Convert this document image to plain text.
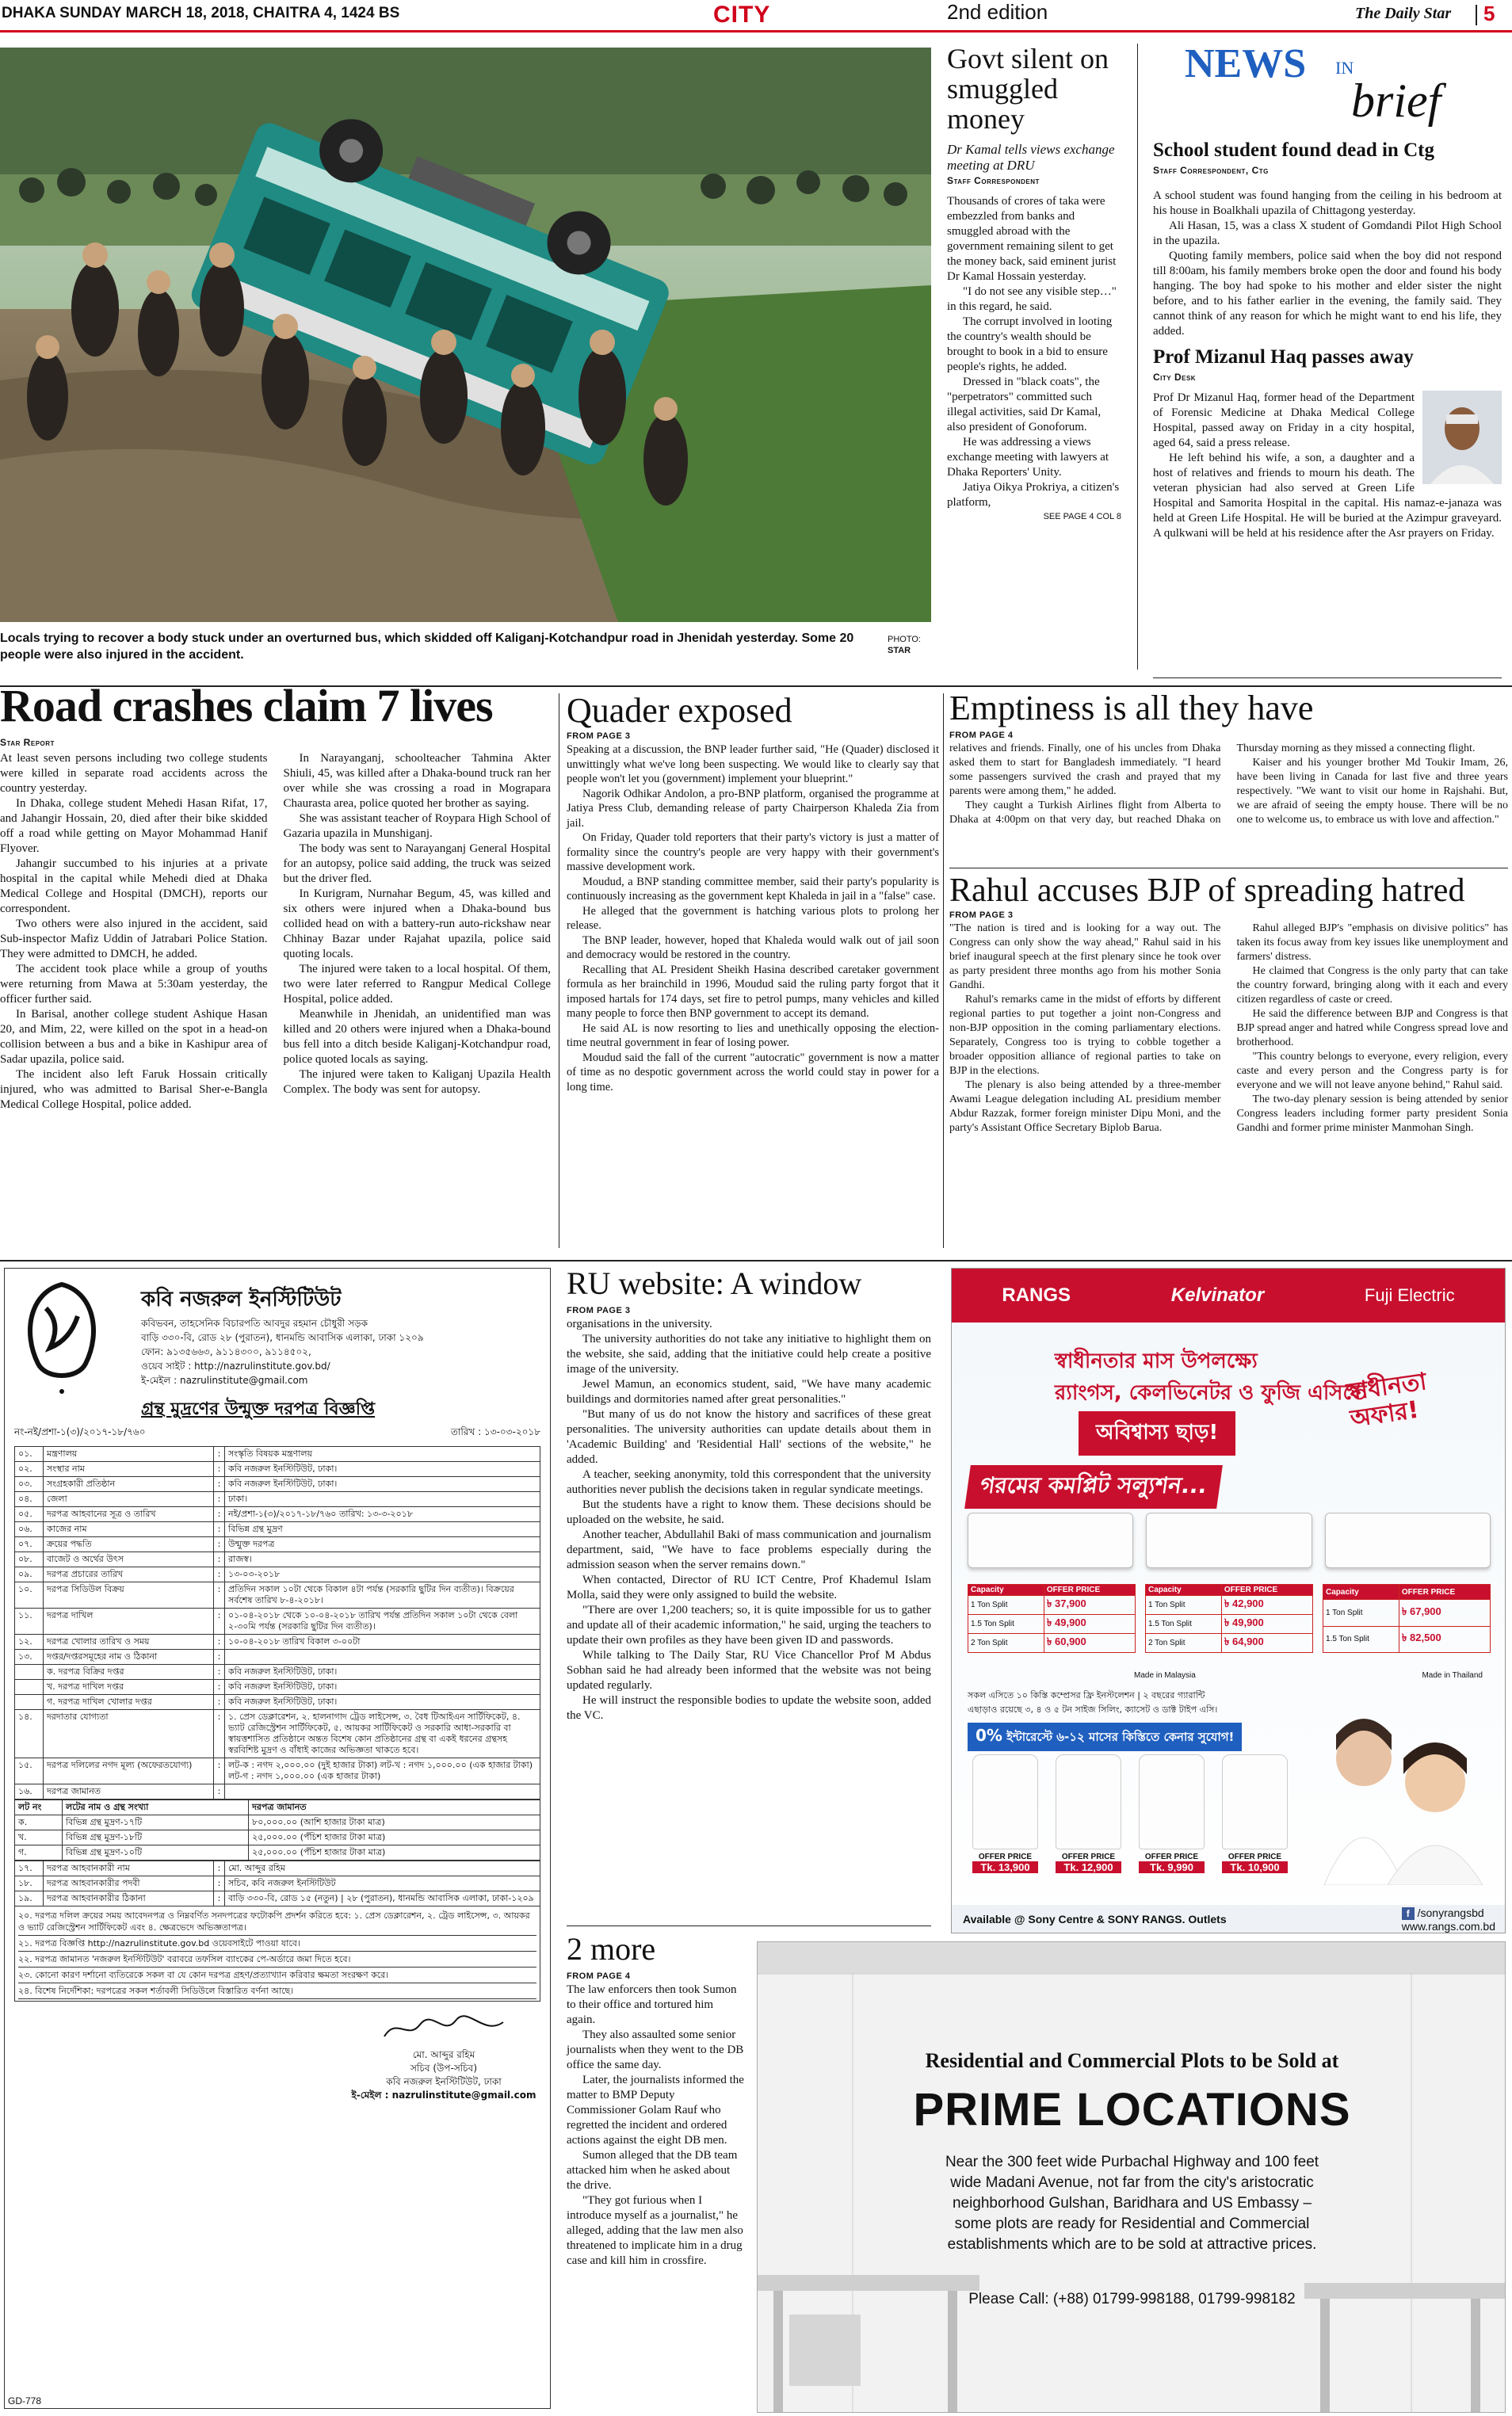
DHAKA SUNDAY MARCH 18, 2018, CHAITRA 4, 1424 BS	CITY	2nd edition	The Daily Star 5
Locals trying to recover a body stuck under an overturned bus, which skidded off Kaliganj-Kotchandpur road in Jhenidah yesterday. Some 20 people were also injured in the accident.
PHOTO:
STAR
Govt silent on smuggled money
Dr Kamal tells views exchange meeting at DRU
Staff Correspondent

Thousands of crores of taka were embezzled from banks and smuggled abroad with the government remaining silent to get the money back, said eminent jurist Dr Kamal Hossain yesterday.

"I do not see any visible step…" in this regard, he said.

The corrupt involved in looting the country's wealth should be brought to book in a bid to ensure people's rights, he added.

Dressed in "black coats", the "perpetrators" committed such illegal activities, said Dr Kamal, also president of Gonoforum.

He was addressing a views exchange meeting with lawyers at Dhaka Reporters' Unity.

Jatiya Oikya Prokriya, a citizen's platform,

SEE PAGE 4 COL 8
NEWS IN
brief
School student found dead in Ctg
Staff Correspondent, Ctg

A school student was found hanging from the ceiling in his bedroom at his house in Boalkhali upazila of Chittagong yesterday.

Ali Hasan, 15, was a class X student of Gomdandi Pilot High School in the upazila.

Quoting family members, police said when the boy did not respond till 8:00am, his family members broke open the door and found his body hanging. The boy had spoke to his mother and elder sister the night before, and to his father earlier in the evening, the family said. They cannot think of any reason for which he might want to end his life, they added.

Prof Mizanul Haq passes away
City Desk

Prof Dr Mizanul Haq, former head of the Department of Forensic Medicine at Dhaka Medical College Hospital, passed away on Friday in a city hospital, aged 64, said a press release.

He left behind his wife, a son, a daughter and a host of relatives and friends to mourn his death. The veteran physician had also served at Green Life Hospital and Samorita Hospital in the capital. His namaz-e-janaza was held at Green Life Hospital. He will be buried at the Azimpur graveyard. A qulkwani will be held at his residence after the Asr prayers on Friday.

Road crashes claim 7 lives
Star Report

At least seven persons including two college students were killed in separate road accidents across the country yesterday.

In Dhaka, college student Mehedi Hasan Rifat, 17, and Jahangir Hossain, 20, died after their bike skidded off a road while getting on Mayor Mohammad Hanif Flyover.

Jahangir succumbed to his injuries at a private hospital in the capital while Mehedi died at Dhaka Medical College and Hospital (DMCH), reports our correspondent.

Two others were also injured in the accident, said Sub-inspector Mafiz Uddin of Jatrabari Police Station. They were admitted to DMCH, he added.

The accident took place while a group of youths were returning from Mawa at 5:30am yesterday, the officer further said.

In Barisal, another college student Ashique Hasan 20, and Mim, 22, were killed on the spot in a head-on collision between a bus and a bike in Kashipur area of Sadar upazila, police said.

The incident also left Faruk Hossain critically injured, who was admitted to Barisal Sher-e-Bangla Medical College Hospital, police added.

In Narayanganj, schoolteacher Tahmina Akter Shiuli, 45, was killed after a Dhaka-bound truck ran her over while she was crossing a road in Mograpara Chaurasta area, police quoted her brother as saying.

She was assistant teacher of Roypara High School of Gazaria upazila in Munshiganj.

The body was sent to Narayanganj General Hospital for an autopsy, police said adding, the truck was seized but the driver fled.

In Kurigram, Nurnahar Begum, 45, was killed and six others were injured when a Dhaka-bound bus collided head on with a battery-run auto-rickshaw near Chhinay Bazar under Rajahat upazila, police said quoting locals.

The injured were taken to a local hospital. Of them, two were later referred to Rangpur Medical College Hospital, police added.

Meanwhile in Jhenidah, an unidentified man was killed and 20 others were injured when a Dhaka-bound bus fell into a ditch beside Kaliganj-Kotchandpur road, police quoted locals as saying.

The injured were taken to Kaliganj Upazila Health Complex. The body was sent for autopsy.

Quader exposed
FROM PAGE 3

Speaking at a discussion, the BNP leader further said, "He (Quader) disclosed it unwittingly what we've long been suspecting. We would like to clearly say that people won't let you (government) implement your blueprint."

Nagorik Odhikar Andolon, a pro-BNP platform, organised the programme at Jatiya Press Club, demanding release of party Chairperson Khaleda Zia from jail.

On Friday, Quader told reporters that their party's victory is just a matter of formality since the country's people are very happy with their government's massive development work.

Moudud, a BNP standing committee member, said their party's popularity is continuously increasing as the government kept Khaleda in jail in a "false" case.

He alleged that the government is hatching various plots to prolong her release.

The BNP leader, however, hoped that Khaleda would walk out of jail soon and democracy would be restored in the country.

Recalling that AL President Sheikh Hasina described caretaker government formula as her brainchild in 1996, Moudud said the ruling party forgot that it imposed hartals for 174 days, set fire to petrol pumps, many vehicles and killed many people to force then BNP government to accept its demand.

He said AL is now resorting to lies and unethically opposing the election-time neutral government in fear of losing power.

Moudud said the fall of the current "autocratic" government is now a matter of time as no despotic government across the world could stay in power for a long time.

Emptiness is all they have
FROM PAGE 4

relatives and friends. Finally, one of his uncles from Dhaka asked them to start for Bangladesh immediately. "I heard some passengers survived the crash and prayed that my parents were among them," he added.

They caught a Turkish Airlines flight from Alberta to Dhaka at 4:00pm on that very day, but reached Dhaka on Thursday morning as they missed a connecting flight.

Kaiser and his younger brother Md Toukir Imam, 26, have been living in Canada for last five and three years respectively. "We want to visit our home in Rajshahi. But, we are afraid of seeing the empty house. There will be no one to welcome us, to embrace us with love and affection."

Rahul accuses BJP of spreading hatred
FROM PAGE 3

"The nation is tired and is looking for a way out. The Congress can only show the way ahead," Rahul said in his brief inaugural speech at the first plenary since he took over as party president three months ago from his mother Sonia Gandhi.

Rahul's remarks came in the midst of efforts by different regional parties to put together a joint non-Congress and non-BJP opposition in the coming parliamentary elections. Separately, Congress too is trying to cobble together a broader opposition alliance of regional parties to take on BJP in the elections.

The plenary is also being attended by a three-member Awami League delegation including AL presidium member Abdur Razzak, former foreign minister Dipu Moni, and the party's Assistant Office Secretary Biplob Barua.

Rahul alleged BJP's "emphasis on divisive politics" has taken its focus away from key issues like unemployment and farmers' distress.

He claimed that Congress is the only party that can take the country forward, bringing along with it each and every citizen regardless of caste or creed.

He said the difference between BJP and Congress is that BJP spread anger and hatred while Congress spread love and brotherhood.

"This country belongs to everyone, every religion, every caste and every person and the Congress party is for everyone and we will not leave anyone behind," Rahul said.

The two-day plenary session is being attended by senior Congress leaders including former party president Sonia Gandhi and former prime minister Manmohan Singh.

কবি নজরুল ইনস্টিটিউট
কবিভবন, তাহসেনিক বিচারপতি আবদুর রহমান চৌধুরী সড়ক
বাড়ি ৩৩০-বি, রোড ২৮ (পুরাতন), ধানমন্ডি আবাসিক এলাকা, ঢাকা ১২০৯
ফোন: ৯১৩৫৬৬৩, ৯১১৪৩০০, ৯১১৪৫০২,
ওয়েব সাইট : http://nazrulinstitute.gov.bd/
ই-মেইল : nazrulinstitute@gmail.com
গ্রন্থ মুদ্রণের উন্মুক্ত দরপত্র বিজ্ঞপ্তি
নং-নই/প্রশা-১(৩)/২০১৭-১৮/৭৬০	তারিখ : ১৩-০৩-২০১৮
০১.	মন্ত্রণালয়	:	সংস্কৃতি বিষয়ক মন্ত্রণালয়
০২.	সংস্থার নাম	:	কবি নজরুল ইনস্টিটিউট, ঢাকা।
০৩.	সংগ্রহকারী প্রতিষ্ঠান	:	কবি নজরুল ইনস্টিটিউট, ঢাকা।
০৪.	জেলা	:	ঢাকা।
০৫.	দরপত্র আহবানের সূত্র ও তারিখ	:	নই/প্রশা-১(৩)/২০১৭-১৮/৭৬০ তারিখ: ১৩-৩-২০১৮
০৬.	কাজের নাম	:	বিভিন্ন গ্রন্থ মুদ্রণ
০৭.	ক্রয়ের পদ্ধতি	:	উন্মুক্ত দরপত্র
০৮.	বাজেট ও অর্থের উৎস	:	রাজস্ব।
০৯.	দরপত্র প্রচারের তারিখ	:	১৩-০৩-২০১৮
১০.	দরপত্র সিডিউল বিক্রয়	:	প্রতিদিন সকাল ১০টা থেকে বিকাল ৪টা পর্যন্ত (সরকারি ছুটির দিন ব্যতীত)। বিক্রয়ের সর্বশেষ তারিখ ৮-৪-২০১৮।
১১.	দরপত্র দাখিল	:	০১-০৪-২০১৮ থেকে ১০-০৪-২০১৮ তারিখ পর্যন্ত প্রতিদিন সকাল ১০টা থেকে বেলা ২-৩০মি পর্যন্ত (সরকারি ছুটির দিন ব্যতীত)।
১২.	দরপত্র খোলার তারিখ ও সময়	:	১০-০৪-২০১৮ তারিখ বিকাল ৩-০০টা
১৩.	দপ্তর/দপ্তরসমূহের নাম ও ঠিকানা	:	
	ক. দরপত্র বিক্রির দপ্তর	:	কবি নজরুল ইনস্টিটিউট, ঢাকা।
	খ. দরপত্র দাখিল দপ্তর	:	কবি নজরুল ইনস্টিটিউট, ঢাকা।
	গ. দরপত্র দাখিল খোলার দপ্তর	:	কবি নজরুল ইনস্টিটিউট, ঢাকা।
১৪.	দরদাতার যোগ্যতা	:	১. প্রেস ডেক্লারেশন, ২. হালনাগাদ ট্রেড লাইসেন্স, ৩. বৈধ টিআইএন সার্টিফিকেট, ৪. ভ্যাট রেজিস্ট্রেশন সার্টিফিকেট, ৫. আয়কর সার্টিফিকেট ও সরকারি আধা-সরকারি বা স্বায়ত্তশাসিত প্রতিষ্ঠানে অন্তত বিশেষ কোন প্রতিষ্ঠানের গ্রন্থ বা একই ধরনের গ্রন্থসহ স্বরবিশিষ্ট মুদ্রণ ও বাঁধাই কাজের অভিজ্ঞতা থাকতে হবে।
১৫.	দরপত্র দলিলের নগদ মূল্য (অফেরতযোগ্য)	:	লট-ক : নগদ ২,০০০.০০ (দুই হাজার টাকা) লট-খ : নগদ ১,০০০.০০ (এক হাজার টাকা) লট-গ : নগদ ১,০০০.০০ (এক হাজার টাকা)
১৬.	দরপত্র জামানত	:	
লট নং	লটের নাম ও গ্রন্থ সংখ্যা	দরপত্র জামানত
ক.	বিভিন্ন গ্রন্থ মুদ্রণ-১৭টি	৮০,০০০.০০ (আশি হাজার টাকা মাত্র)
খ.	বিভিন্ন গ্রন্থ মুদ্রণ-১৮টি	২৫,০০০.০০ (পঁচিশ হাজার টাকা মাত্র)
গ.	বিভিন্ন গ্রন্থ মুদ্রণ-১০টি	২৫,০০০.০০ (পঁচিশ হাজার টাকা মাত্র)
১৭.	দরপত্র আহবানকারী নাম	:	মো. আব্দুর রহিম
১৮.	দরপত্র আহবানকারীর পদবী	:	সচিব, কবি নজরুল ইনস্টিটিউট
১৯.	দরপত্র আহবানকারীর ঠিকানা	:	বাড়ি ৩৩০-বি, রোড ১৫ (নতুন) | ২৮ (পুরাতন), ধানমন্ডি আবাসিক এলাকা, ঢাকা-১২০৯
২০. দরপত্র দলিল ক্রয়ের সময় আবেদনপত্র ও নিম্নবর্ণিত সনদপত্রের ফটোকপি প্রদর্শন করিতে হবে: ১. প্রেস ডেক্লারেশন, ২. ট্রেড লাইসেন্স, ৩. আয়কর ও ভ্যাট রেজিস্ট্রেশন সার্টিফিকেট এবং ৪. ক্ষেত্রভেদে অভিজ্ঞতাপত্র।
২১. দরপত্র বিজ্ঞপ্তি http://nazrulinstitute.gov.bd ওয়েবসাইটে পাওয়া যাবে।
২২. দরপত্র জামানত 'নজরুল ইনস্টিটিউট' বরাবরে তফসিল ব্যাংকের পে-অর্ডারে জমা দিতে হবে।
২৩. কোনো কারণ দর্শানো ব্যতিরেকে সকল বা যে কোন দরপত্র গ্রহণ/প্রত্যাখ্যান করিবার ক্ষমতা সংরক্ষণ করে।
২৪. বিশেষ নির্দেশিকা: দরপত্রের সকল শর্তাবলী সিডিউলে বিস্তারিত বর্ণনা আছে।
মো. আব্দুর রহিম
সচিব (উপ-সচিব)
কবি নজরুল ইনস্টিটিউট, ঢাকা
ই-মেইল : nazrulinstitute@gmail.com
GD-778
RU website: A window
FROM PAGE 3

organisations in the university.

The university authorities do not take any initiative to highlight them on the website, she said, adding that the initiative could help create a positive image of the university.

Jewel Mamun, an economics student, said, "We have many academic buildings and dormitories named after great personalities."

"But many of us do not know the history and sacrifices of these great personalities. The university authorities can update details about them in 'Academic Building' and 'Residential Hall' sections of the website," he added.

A teacher, seeking anonymity, told this correspondent that the university authorities never publish the decisions taken in regular syndicate meetings.

But the students have a right to know them. These decisions should be uploaded on the website, he said.

Another teacher, Abdullahil Baki of mass communication and journalism department, said, "We have to face problems especially during the admission season when the server remains down."

When contacted, Director of RU ICT Centre, Prof Khademul Islam Molla, said they were only assigned to build the website.

"There are over 1,200 teachers; so, it is quite impossible for us to gather and update all of their academic information," he said, urging the teachers to update their own profiles as they have been given ID and passwords.

While talking to The Daily Star, RU Vice Chancellor Prof M Abdus Sobhan said he had already been informed that the website was not being updated regularly.

He will instruct the responsible bodies to update the website soon, added the VC.

2 more
FROM PAGE 4

The law enforcers then took Sumon to their office and tortured him again.

They also assaulted some senior journalists when they went to the DB office the same day.

Later, the journalists informed the matter to BMP Deputy Commissioner Golam Rauf who regretted the incident and ordered actions against the eight DB men.

Sumon alleged that the DB team attacked him when he asked about the drive.

"They got furious when I introduce myself as a journalist," he alleged, adding that the law men also threatened to implicate him in a drug case and kill him in crossfire.

RANGS	Kelvinator	Fuji Electric
স্বাধীনতার মাস উপলক্ষ্যে
র‍্যাংগস, কেলভিনেটর ও ফুজি এসিতে
অবিশ্বাস্য ছাড়!
স্বাধীনতা অফার!
গরমের কমপ্লিট সল্যুশন...
Capacity	OFFER PRICE
1 Ton Split	৳ 37,900
1.5 Ton Split	৳ 49,900
2 Ton Split	৳ 60,900
Capacity	OFFER PRICE
1 Ton Split	৳ 42,900
1.5 Ton Split	৳ 49,900
2 Ton Split	৳ 64,900
Capacity	OFFER PRICE
1 Ton Split	৳ 67,900
1.5 Ton Split	৳ 82,500
Made in Malaysia	Made in Thailand
সকল এসিতে ১০ কিস্তি কম্প্রেসর ফ্রি ইনস্টলেশন | ২ বছরের গ্যারান্টি
এছাড়াও রয়েছে ৩, ৪ ও ৫ টন সাইজ সিলিং, ক্যাসেট ও ডাক্ট টাইপ এসি।
0% ইন্টারেস্টে ৬-১২ মাসের কিস্তিতে কেনার সুযোগ!
OFFER PRICE
Tk. 13,900
OFFER PRICE
Tk. 12,900
OFFER PRICE
Tk. 9,990
OFFER PRICE
Tk. 10,900
Available @ Sony Centre & SONY RANGS. Outlets	f /sonyrangsbd
www.rangs.com.bd
Residential and Commercial Plots to be Sold at
PRIME LOCATIONS
Near the 300 feet wide Purbachal Highway and 100 feet wide Madani Avenue, not far from the city's aristocratic neighborhood Gulshan, Baridhara and US Embassy – some plots are ready for Residential and Commercial establishments which are to be sold at attractive prices.
Please Call: (+88) 01799-998188, 01799-998182
